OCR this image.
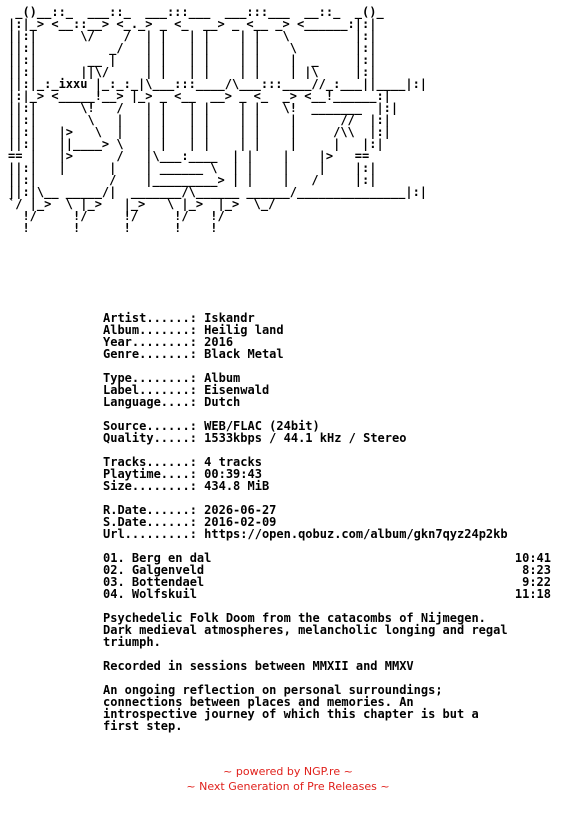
_()__::_  ___::_  ___:::___  ___:::___  __::_  _()_
|:|_> <__::__> <_._> _ <_  __> _ <__ _> <______:|:|
||:|      \/    /  | |   | |    | |   \         |:|
||:|          _/   | |   | |    | |    \        |:|
||:|       __ |    | |   | |    | |    |  _     |:|
||:|      ||\/     | |   | |    | |    | |\     |:|
||:|_:_ixxu |_:_:_|\___:::____/\___:::____//_:___||____|:|
|:|_> <_____!__> |_> _ <__  __> _ <_  _> <__!______:|
||:|      \!   /   | |   | |    | |   \!  _______  |:|
||:|       \   |   | |   | |    | |    |      //  |:|
||:|   |>   \  |   | |   | |    | |    |     /\\  |:|
||:|   ||____> \   | |   | |    | |    |     |   |:|
== |   |>      /   |\___:____  | |    |    |>   ==
||:|   |      |    | ______ \  | |    |    |    |:|
||:|          /    |_________> | |    |   /     |:|
||:|\__ _____/|  _______/\______ ______/_______________|:|
`/ |_>  \ |_>   |_>   \ |_>  |_>  \_/
!/     !/     !/     !/   !/
!      !      !      !    !
Artist......: Iskandr
Album.......: Heilig land
Year........: 2016
Genre.......: Black Metal
Type........: Album
Label.......: Eisenwald
Language....: Dutch
Source......: WEB/FLAC (24bit)
Quality.....: 1533kbps / 44.1 kHz / Stereo
Tracks......: 4 tracks
Playtime....: 00:39:43
Size........: 434.8 MiB
R.Date......: 2026-06-27
S.Date......: 2016-02-09
Url.........: https://open.qobuz.com/album/gkn7qyz24p2kb
01. Berg en dal	10:41
02. Galgenveld	8:23
03. Bottendael	9:22
04. Wolfskuil	11:18

Psychedelic Folk Doom from the catacombs of Nijmegen.
Dark medieval atmospheres, melancholic longing and regal
triumph.

Recorded in sessions between MMXII and MMXV

An ongoing reflection on personal surroundings;
connections between places and memories. An
introspective journey of which this chapter is but a
first step.

~ powered by NGP.re ~
~ Next Generation of Pre Releases ~
